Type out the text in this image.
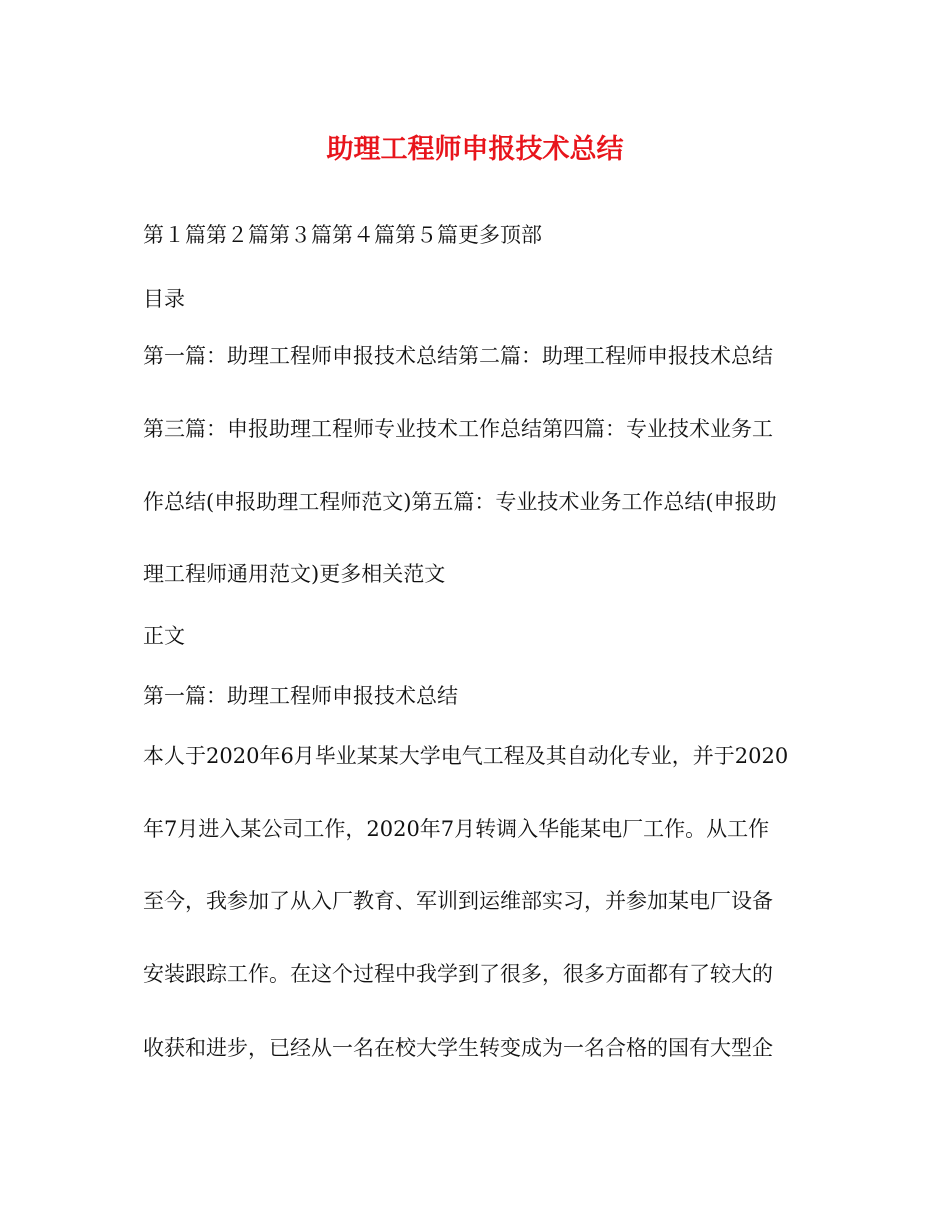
助理工程师申报技术总结

第１篇第２篇第３篇第４篇第５篇更多顶部

目录

第一篇：助理工程师申报技术总结第二篇：助理工程师申报技术总结

第三篇：申报助理工程师专业技术工作总结第四篇：专业技术业务工

作总结(申报助理工程师范文)第五篇：专业技术业务工作总结(申报助

理工程师通用范文)更多相关范文

正文

第一篇：助理工程师申报技术总结

本人于2020年6月毕业某某大学电气工程及其自动化专业，并于2020

年7月进入某公司工作，2020年7月转调入华能某电厂工作。从工作

至今，我参加了从入厂教育、军训到运维部实习，并参加某电厂设备

安装跟踪工作。在这个过程中我学到了很多，很多方面都有了较大的

收获和进步，已经从一名在校大学生转变成为一名合格的国有大型企
